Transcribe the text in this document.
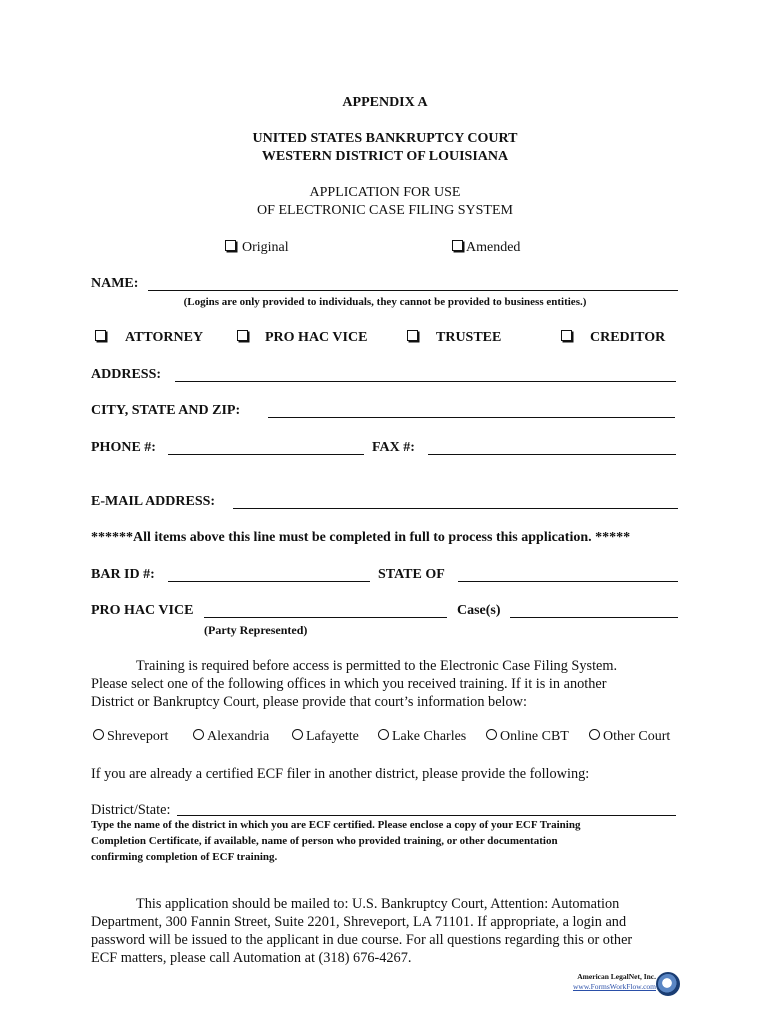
APPENDIX A
UNITED STATES BANKRUPTCY COURT
WESTERN DISTRICT OF LOUISIANA
APPLICATION FOR USE
OF ELECTRONIC CASE FILING SYSTEM
Original	Amended
NAME:
(Logins are only provided to individuals, they cannot be provided to business entities.)
ATTORNEY	PRO HAC VICE	TRUSTEE	CREDITOR
ADDRESS:
CITY, STATE AND ZIP:
PHONE #:	FAX #:
E-MAIL ADDRESS:
******All items above this line must be completed in full to process this application. *****
BAR ID #:	STATE OF
PRO HAC VICE	Case(s)
(Party Represented)
Training is required before access is permitted to the Electronic Case Filing System.
Please select one of the following offices in which you received training. If it is in another
District or Bankruptcy Court, please provide that court’s information below:
Shreveport	Alexandria	Lafayette	Lake Charles	Online CBT	Other Court
If you are already a certified ECF filer in another district, please provide the following:
District/State:
Type the name of the district in which you are ECF certified. Please enclose a copy of your ECF Training
Completion Certificate, if available, name of person who provided training, or other documentation
confirming completion of ECF training.
This application should be mailed to: U.S. Bankruptcy Court, Attention: Automation
Department, 300 Fannin Street, Suite 2201, Shreveport, LA 71101. If appropriate, a login and
password will be issued to the applicant in due course. For all questions regarding this or other
ECF matters, please call Automation at (318) 676-4267.
American LegalNet, Inc.
www.FormsWorkFlow.com
